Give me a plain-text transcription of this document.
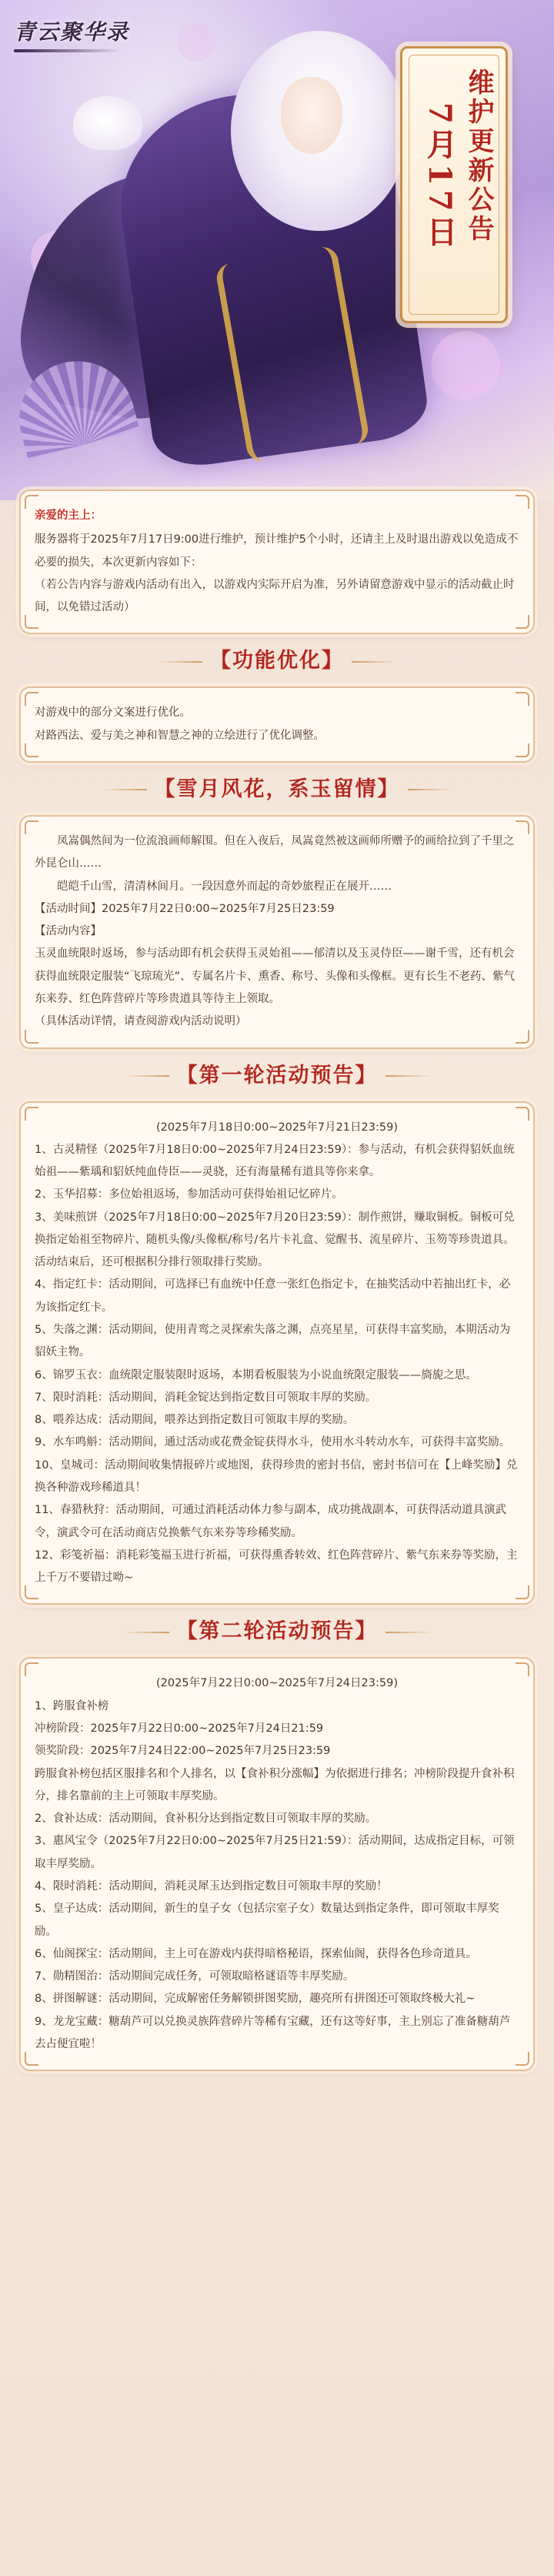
青云聚华录
维护更新公告
7月17日

亲爱的主上：

服务器将于2025年7月17日9:00进行维护，预计维护5个小时，还请主上及时退出游戏以免造成不必要的损失，本次更新内容如下：

（若公告内容与游戏内活动有出入，以游戏内实际开启为准，另外请留意游戏中显示的活动截止时间，以免错过活动）

【功能优化】

对游戏中的部分文案进行优化。

对路西法、爱与美之神和智慧之神的立绘进行了优化调整。

【雪月风花，系玉留情】

凤嵩偶然间为一位流浪画师解围。但在入夜后，凤嵩竟然被这画师所赠予的画给拉到了千里之外昆仑山……

皑皑千山雪，清清林间月。一段因意外而起的奇妙旅程正在展开……

【活动时间】2025年7月22日0:00~2025年7月25日23:59

【活动内容】

玉灵血统限时返场，参与活动即有机会获得玉灵始祖——郁清以及玉灵侍臣——谢千雪，还有机会获得血统限定服装“飞琼琉光”、专属名片卡、熏香、称号、头像和头像框。更有长生不老药、紫气东来券、红色阵营碎片等珍贵道具等待主上领取。

（具体活动详情，请查阅游戏内活动说明）

【第一轮活动预告】

(2025年7月18日0:00~2025年7月21日23:59)

1、古灵精怪（2025年7月18日0:00~2025年7月24日23:59）：参与活动，有机会获得貂妖血统始祖——紫瑀和貂妖纯血侍臣——灵骁，还有海量稀有道具等你来拿。

2、玉华招募：多位始祖返场，参加活动可获得始祖记忆碎片。

3、美味煎饼（2025年7月18日0:00~2025年7月20日23:59）：制作煎饼，赚取铜板。铜板可兑换指定始祖至物碎片、随机头像/头像框/称号/名片卡礼盒、觉醒书、流星碎片、玉笏等珍贵道具。活动结束后，还可根据积分排行领取排行奖励。

4、指定红卡：活动期间，可选择已有血统中任意一张红色指定卡，在抽奖活动中若抽出红卡，必为该指定红卡。

5、失落之渊：活动期间，使用青鸾之灵探索失落之渊，点亮星星，可获得丰富奖励，本期活动为貂妖主物。

6、锦罗玉衣：血统限定服装限时返场，本期看板服装为小说血统限定服装——旖旎之思。

7、限时消耗：活动期间，消耗金锭达到指定数目可领取丰厚的奖励。

8、喂养达成：活动期间，喂养达到指定数目可领取丰厚的奖励。

9、水车鸣斛：活动期间，通过活动或花费金锭获得水斗，使用水斗转动水车，可获得丰富奖励。

10、皇城司：活动期间收集情报碎片或地图，获得珍贵的密封书信，密封书信可在【上峰奖励】兑换各种游戏珍稀道具！

11、春猎秋狩：活动期间，可通过消耗活动体力参与副本，成功挑战副本，可获得活动道具演武令，演武令可在活动商店兑换紫气东来券等珍稀奖励。

12、彩笺祈福：消耗彩笺福玉进行祈福，可获得熏香转效、红色阵营碎片、紫气东来券等奖励，主上千万不要错过呦~

【第二轮活动预告】

(2025年7月22日0:00~2025年7月24日23:59)

1、跨服食补榜

冲榜阶段：2025年7月22日0:00~2025年7月24日21:59

领奖阶段：2025年7月24日22:00~2025年7月25日23:59

跨服食补榜包括区服排名和个人排名，以【食补积分涨幅】为依据进行排名；冲榜阶段提升食补积分，排名靠前的主上可领取丰厚奖励。

2、食补达成：活动期间，食补积分达到指定数目可领取丰厚的奖励。

3、惠风宝令（2025年7月22日0:00~2025年7月25日21:59）：活动期间，达成指定目标，可领取丰厚奖励。

4、限时消耗：活动期间，消耗灵犀玉达到指定数目可领取丰厚的奖励！

5、皇子达成：活动期间，新生的皇子女（包括宗室子女）数量达到指定条件，即可领取丰厚奖励。

6、仙阁探宝：活动期间，主上可在游戏内获得暗格秘语，探索仙阁，获得各色珍奇道具。

7、勋精图治：活动期间完成任务，可领取暗格谜语等丰厚奖励。

8、拼图解谜：活动期间，完成解密任务解锁拼图奖励，趣亮所有拼图还可领取终极大礼~

9、龙龙宝藏：糖葫芦可以兑换灵族阵营碎片等稀有宝藏，还有这等好事，主上别忘了准备糖葫芦去占便宜啦！
